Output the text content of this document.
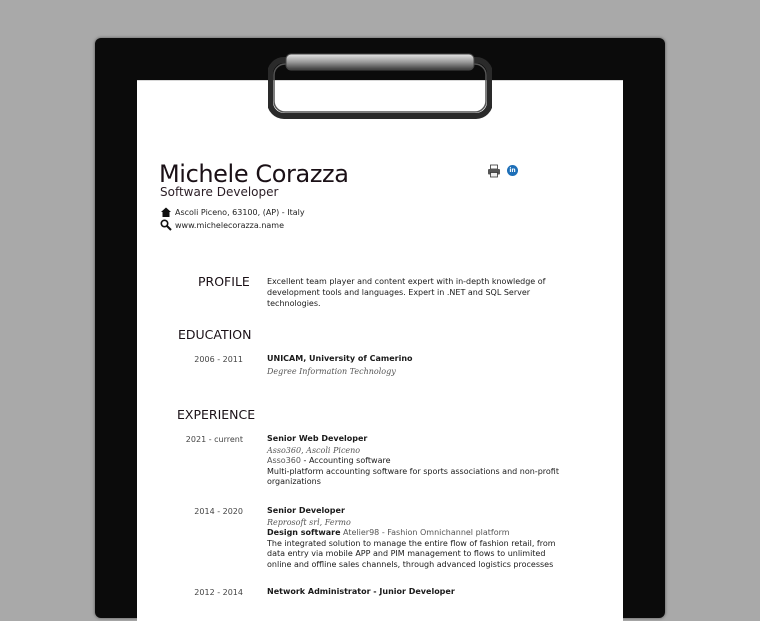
Michele Corazza
Software Developer
Ascoli Piceno, 63100, (AP) - Italy
www.michelecorazza.name
in
PROFILE Excellent team player and content expert with in-depth knowledge of development tools and languages. Expert in .NET and SQL Server technologies.
EDUCATION
2006 - 2011	UNICAM, University of Camerino
Degree Information Technology
EXPERIENCE
2021 - current	Senior Web Developer
Asso360, Ascoli Piceno
Asso360 - Accounting software
Multi-platform accounting software for sports associations and non-profit organizations
2014 - 2020	Senior Developer
Reprosoft srl, Fermo
Design software Atelier98 - Fashion Omnichannel platform
The integrated solution to manage the entire flow of fashion retail, from data entry via mobile APP and PIM management to flows to unlimited online and offline sales channels, through advanced logistics processes
2012 - 2014	Network Administrator - Junior Developer
